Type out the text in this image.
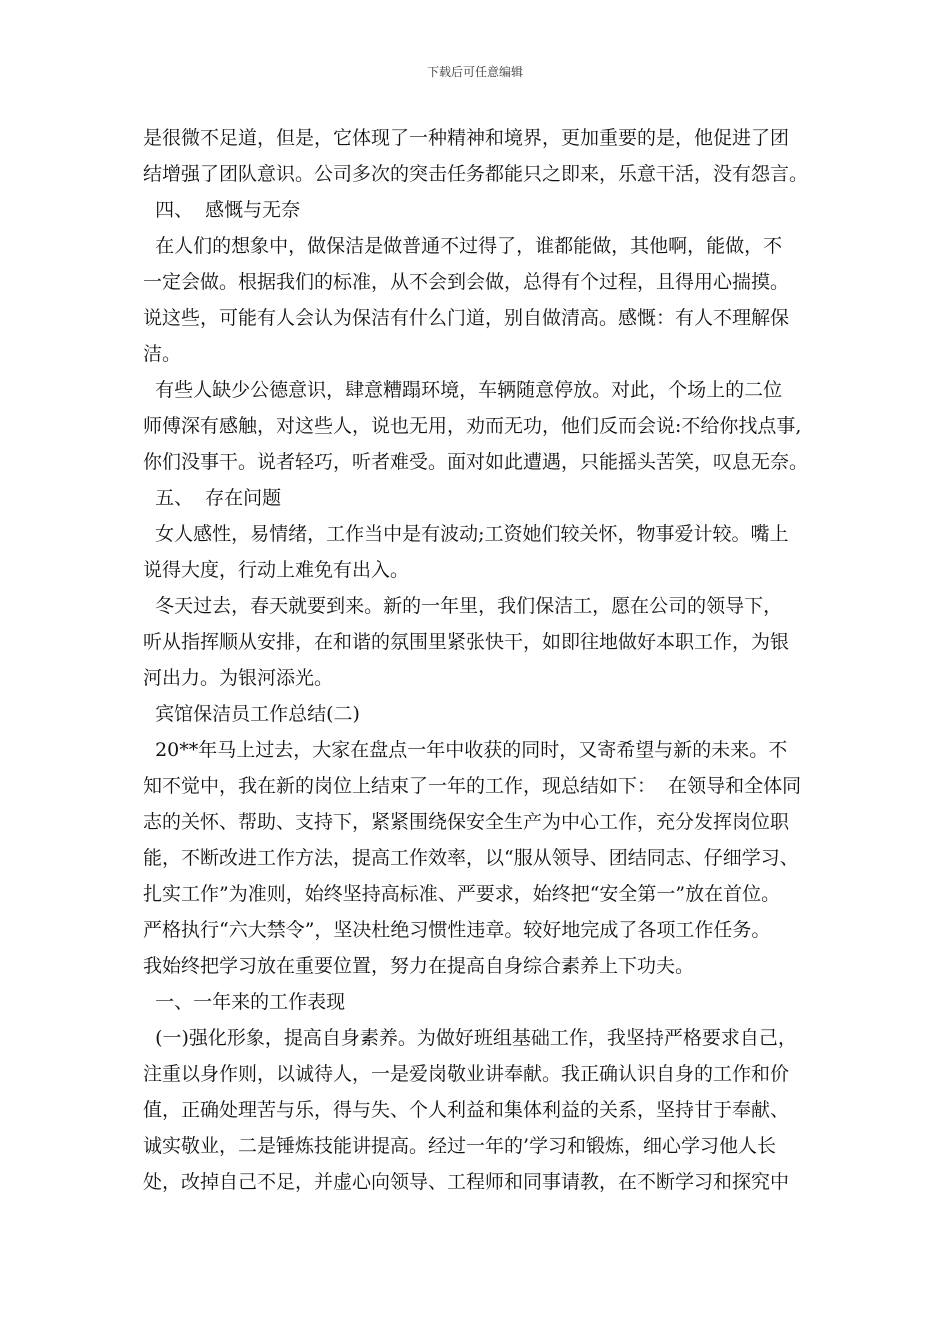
下载后可任意编辑
是很微不足道，但是，它体现了一种精神和境界，更加重要的是，他促进了团
结增强了团队意识。公司多次的突击任务都能只之即来，乐意干活，没有怨言。
四、  感慨与无奈
在人们的想象中，做保洁是做普通不过得了，谁都能做，其他啊，能做，不
一定会做。根据我们的标准，从不会到会做，总得有个过程，且得用心揣摸。
说这些，可能有人会认为保洁有什么门道，别自做清高。感慨：有人不理解保
洁。
有些人缺少公德意识，肆意糟蹋环境，车辆随意停放。对此，个场上的二位
师傅深有感触，对这些人，说也无用，劝而无功，他们反而会说:不给你找点事,
你们没事干。说者轻巧，听者难受。面对如此遭遇，只能摇头苦笑，叹息无奈。
五、  存在问题
女人感性，易情绪，工作当中是有波动;工资她们较关怀，物事爱计较。嘴上
说得大度，行动上难免有出入。
冬天过去，春天就要到来。新的一年里，我们保洁工，愿在公司的领导下，
听从指挥顺从安排，在和谐的氛围里紧张快干，如即往地做好本职工作，为银
河出力。为银河添光。
宾馆保洁员工作总结(二)
20**年马上过去，大家在盘点一年中收获的同时，又寄希望与新的未来。不
知不觉中，我在新的岗位上结束了一年的工作，现总结如下：  在领导和全体同
志的关怀、帮助、支持下，紧紧围绕保安全生产为中心工作，充分发挥岗位职
能，不断改进工作方法，提高工作效率，以“服从领导、团结同志、仔细学习、
扎实工作”为准则，始终坚持高标准、严要求，始终把“安全第一”放在首位。
严格执行“六大禁令”，坚决杜绝习惯性违章。较好地完成了各项工作任务。
我始终把学习放在重要位置，努力在提高自身综合素养上下功夫。
一、一年来的工作表现
(一)强化形象，提高自身素养。为做好班组基础工作，我坚持严格要求自己，
注重以身作则，以诚待人，一是爱岗敬业讲奉献。我正确认识自身的工作和价
值，正确处理苦与乐，得与失、个人利益和集体利益的关系，坚持甘于奉献、
诚实敬业，二是锤炼技能讲提高。经过一年的’学习和锻炼，细心学习他人长
处，改掉自己不足，并虚心向领导、工程师和同事请教，在不断学习和探究中
